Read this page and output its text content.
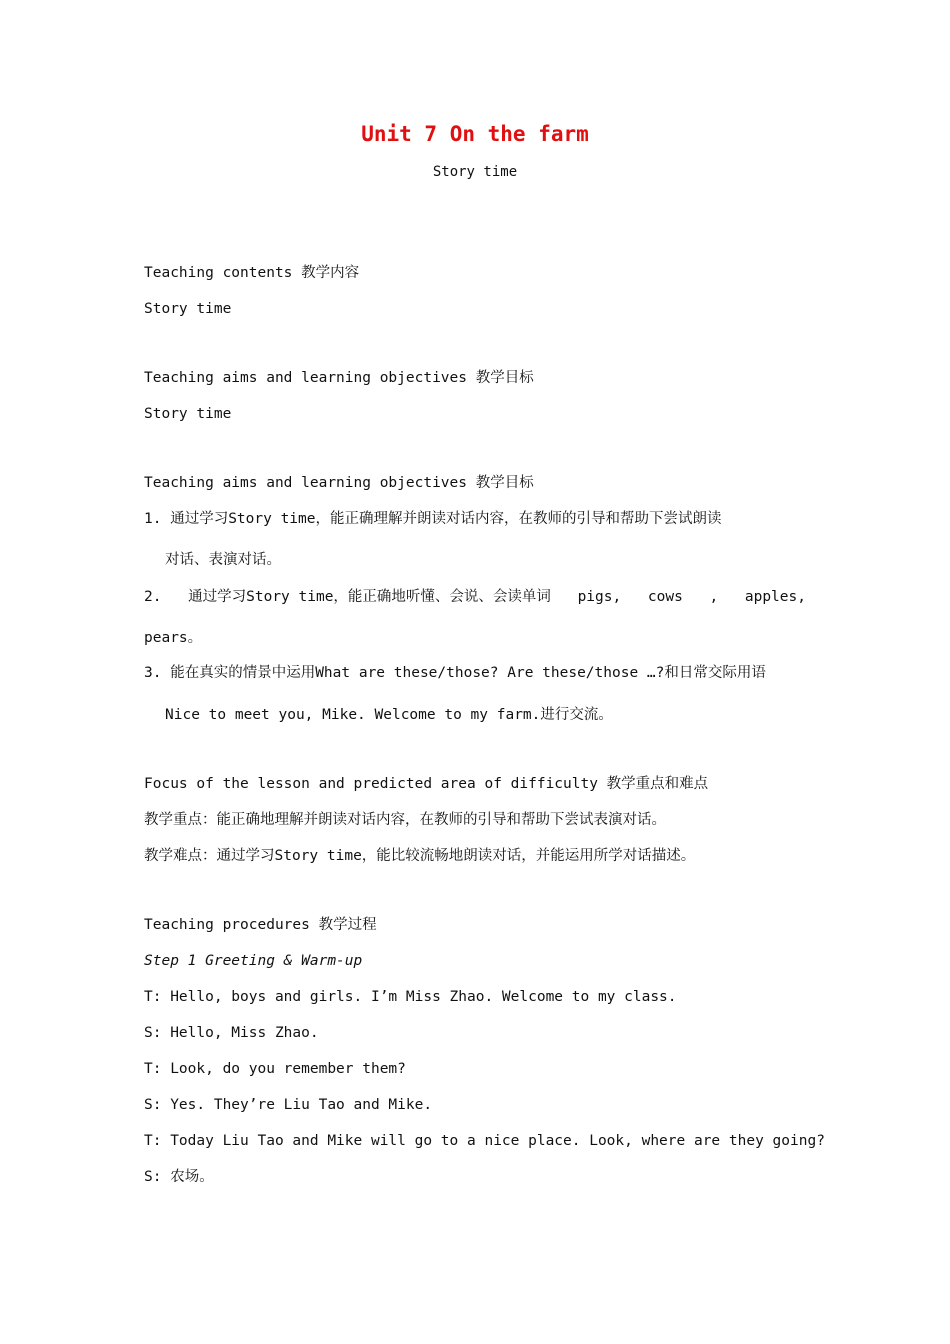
Unit 7 On the farm
Story time
Teaching contents 教学内容
Story time
Teaching aims and learning objectives 教学目标
Story time
Teaching aims and learning objectives 教学目标
1. 通过学习Story time，能正确理解并朗读对话内容，在教师的引导和帮助下尝试朗读
对话、表演对话。
2. 通过学习Story time，能正确地听懂、会说、会读单词 pigs, cows , apples,
pears。
3. 能在真实的情景中运用What are these/those? Are these/those …?和日常交际用语
Nice to meet you, Mike. Welcome to my farm.进行交流。
Focus of the lesson and predicted area of difficulty 教学重点和难点
教学重点：能正确地理解并朗读对话内容，在教师的引导和帮助下尝试表演对话。
教学难点：通过学习Story time，能比较流畅地朗读对话，并能运用所学对话描述。
Teaching procedures 教学过程
Step 1 Greeting & Warm-up
T: Hello, boys and girls. I’m Miss Zhao. Welcome to my class.
S: Hello, Miss Zhao.
T: Look, do you remember them?
S: Yes. They’re Liu Tao and Mike.
T: Today Liu Tao and Mike will go to a nice place. Look, where are they going?
S: 农场。
